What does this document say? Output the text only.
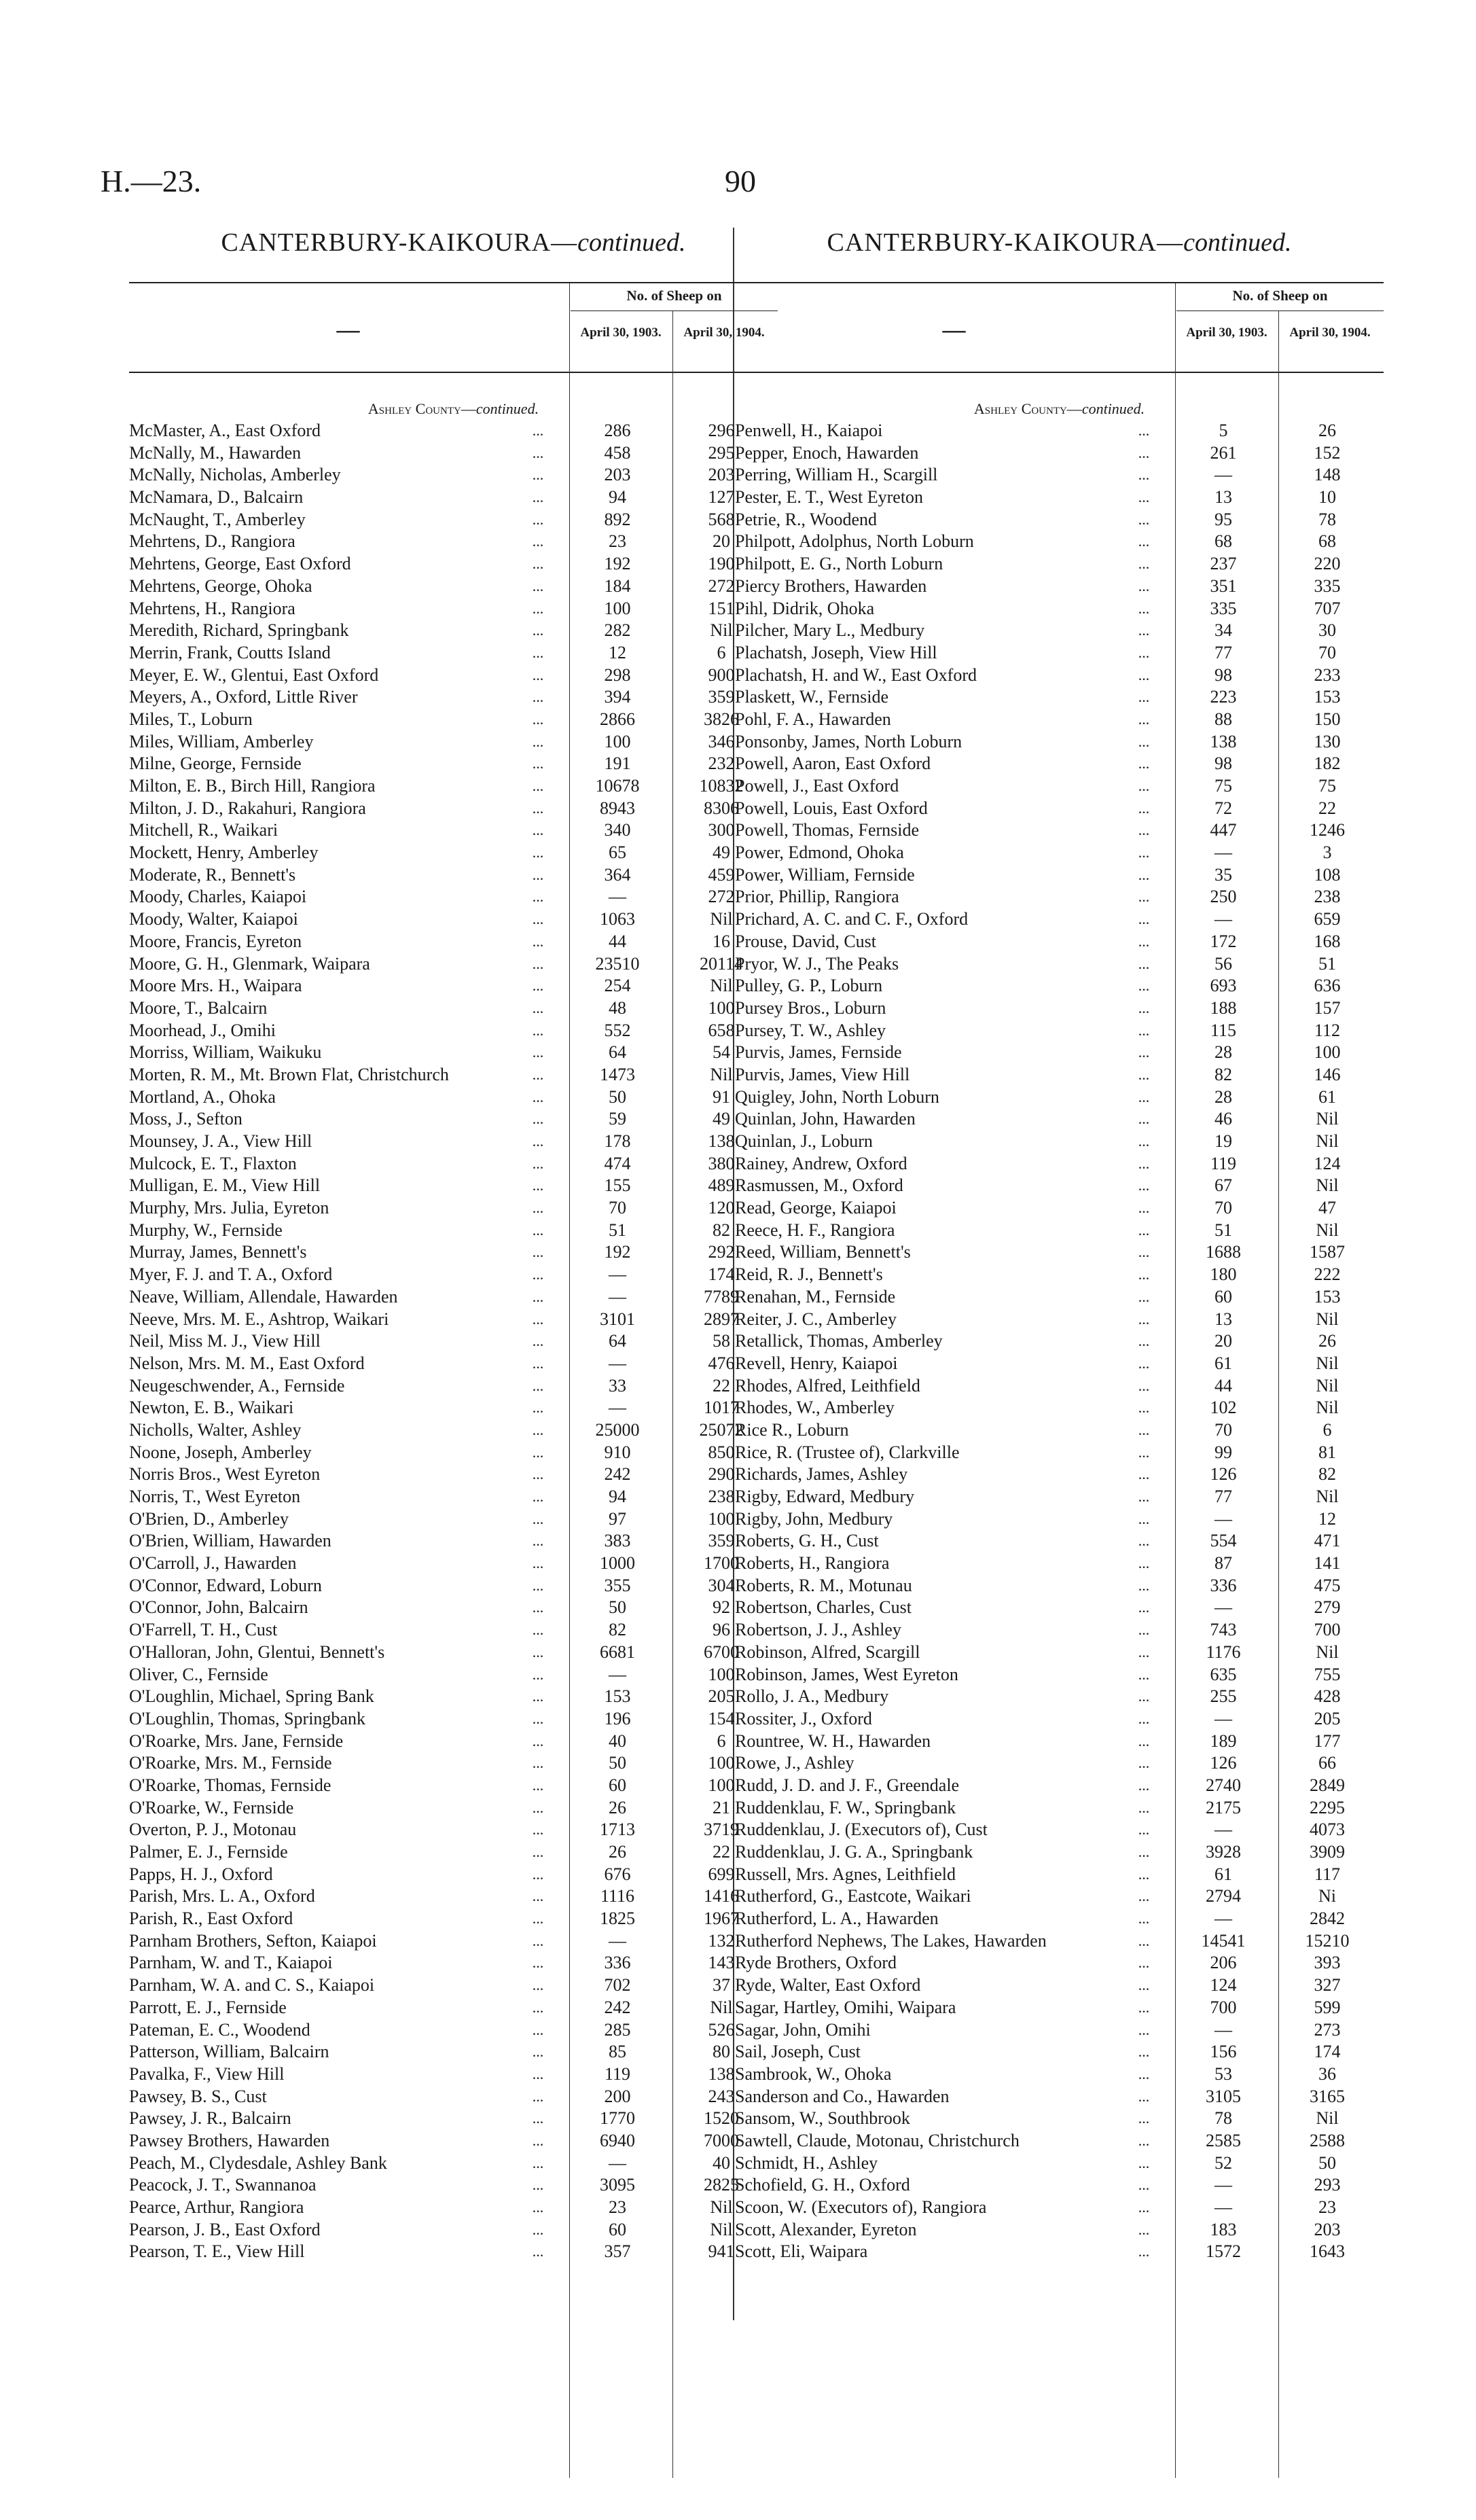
H.—23.	90
CANTERBURY-KAIKOURA—continued.
—
No. of Sheep on
April 30, 1903.	April 30, 1904.
Ashley County—continued.
McMaster, A., East Oxford	...	286	296
McNally, M., Hawarden	...	458	295
McNally, Nicholas, Amberley	...	203	203
McNamara, D., Balcairn	...	94	127
McNaught, T., Amberley	...	892	568
Mehrtens, D., Rangiora	...	23	20
Mehrtens, George, East Oxford	...	192	190
Mehrtens, George, Ohoka	...	184	272
Mehrtens, H., Rangiora	...	100	151
Meredith, Richard, Springbank	...	282	Nil
Merrin, Frank, Coutts Island	...	12	6
Meyer, E. W., Glentui, East Oxford	...	298	900
Meyers, A., Oxford, Little River	...	394	359
Miles, T., Loburn	...	2866	3826
Miles, William, Amberley	...	100	346
Milne, George, Fernside	...	191	232
Milton, E. B., Birch Hill, Rangiora	...	10678	10832
Milton, J. D., Rakahuri, Rangiora	...	8943	8306
Mitchell, R., Waikari	...	340	300
Mockett, Henry, Amberley	...	65	49
Moderate, R., Bennett's	...	364	459
Moody, Charles, Kaiapoi	...	—	272
Moody, Walter, Kaiapoi	...	1063	Nil
Moore, Francis, Eyreton	...	44	16
Moore, G. H., Glenmark, Waipara	...	23510	20114
Moore Mrs. H., Waipara	...	254	Nil
Moore, T., Balcairn	...	48	100
Moorhead, J., Omihi	...	552	658
Morriss, William, Waikuku	...	64	54
Morten, R. M., Mt. Brown Flat, Christchurch	...	1473	Nil
Mortland, A., Ohoka	...	50	91
Moss, J., Sefton	...	59	49
Mounsey, J. A., View Hill	...	178	138
Mulcock, E. T., Flaxton	...	474	380
Mulligan, E. M., View Hill	...	155	489
Murphy, Mrs. Julia, Eyreton	...	70	120
Murphy, W., Fernside	...	51	82
Murray, James, Bennett's	...	192	292
Myer, F. J. and T. A., Oxford	...	—	174
Neave, William, Allendale, Hawarden	...	—	7789
Neeve, Mrs. M. E., Ashtrop, Waikari	...	3101	2897
Neil, Miss M. J., View Hill	...	64	58
Nelson, Mrs. M. M., East Oxford	...	—	476
Neugeschwender, A., Fernside	...	33	22
Newton, E. B., Waikari	...	—	1017
Nicholls, Walter, Ashley	...	25000	25072
Noone, Joseph, Amberley	...	910	850
Norris Bros., West Eyreton	...	242	290
Norris, T., West Eyreton	...	94	238
O'Brien, D., Amberley	...	97	100
O'Brien, William, Hawarden	...	383	359
O'Carroll, J., Hawarden	...	1000	1700
O'Connor, Edward, Loburn	...	355	304
O'Connor, John, Balcairn	...	50	92
O'Farrell, T. H., Cust	...	82	96
O'Halloran, John, Glentui, Bennett's	...	6681	6700
Oliver, C., Fernside	...	—	100
O'Loughlin, Michael, Spring Bank	...	153	205
O'Loughlin, Thomas, Springbank	...	196	154
O'Roarke, Mrs. Jane, Fernside	...	40	6
O'Roarke, Mrs. M., Fernside	...	50	100
O'Roarke, Thomas, Fernside	...	60	100
O'Roarke, W., Fernside	...	26	21
Overton, P. J., Motonau	...	1713	3719
Palmer, E. J., Fernside	...	26	22
Papps, H. J., Oxford	...	676	699
Parish, Mrs. L. A., Oxford	...	1116	1416
Parish, R., East Oxford	...	1825	1967
Parnham Brothers, Sefton, Kaiapoi	...	—	132
Parnham, W. and T., Kaiapoi	...	336	143
Parnham, W. A. and C. S., Kaiapoi	...	702	37
Parrott, E. J., Fernside	...	242	Nil
Pateman, E. C., Woodend	...	285	526
Patterson, William, Balcairn	...	85	80
Pavalka, F., View Hill	...	119	138
Pawsey, B. S., Cust	...	200	243
Pawsey, J. R., Balcairn	...	1770	1520
Pawsey Brothers, Hawarden	...	6940	7000
Peach, M., Clydesdale, Ashley Bank	...	—	40
Peacock, J. T., Swannanoa	...	3095	2825
Pearce, Arthur, Rangiora	...	23	Nil
Pearson, J. B., East Oxford	...	60	Nil
Pearson, T. E., View Hill	...	357	941
CANTERBURY-KAIKOURA—continued.
—
No. of Sheep on
April 30, 1903.	April 30, 1904.
Ashley County—continued.
Penwell, H., Kaiapoi	...	5	26
Pepper, Enoch, Hawarden	...	261	152
Perring, William H., Scargill	...	—	148
Pester, E. T., West Eyreton	...	13	10
Petrie, R., Woodend	...	95	78
Philpott, Adolphus, North Loburn	...	68	68
Philpott, E. G., North Loburn	...	237	220
Piercy Brothers, Hawarden	...	351	335
Pihl, Didrik, Ohoka	...	335	707
Pilcher, Mary L., Medbury	...	34	30
Plachatsh, Joseph, View Hill	...	77	70
Plachatsh, H. and W., East Oxford	...	98	233
Plaskett, W., Fernside	...	223	153
Pohl, F. A., Hawarden	...	88	150
Ponsonby, James, North Loburn	...	138	130
Powell, Aaron, East Oxford	...	98	182
Powell, J., East Oxford	...	75	75
Powell, Louis, East Oxford	...	72	22
Powell, Thomas, Fernside	...	447	1246
Power, Edmond, Ohoka	...	—	3
Power, William, Fernside	...	35	108
Prior, Phillip, Rangiora	...	250	238
Prichard, A. C. and C. F., Oxford	...	—	659
Prouse, David, Cust	...	172	168
Pryor, W. J., The Peaks	...	56	51
Pulley, G. P., Loburn	...	693	636
Pursey Bros., Loburn	...	188	157
Pursey, T. W., Ashley	...	115	112
Purvis, James, Fernside	...	28	100
Purvis, James, View Hill	...	82	146
Quigley, John, North Loburn	...	28	61
Quinlan, John, Hawarden	...	46	Nil
Quinlan, J., Loburn	...	19	Nil
Rainey, Andrew, Oxford	...	119	124
Rasmussen, M., Oxford	...	67	Nil
Read, George, Kaiapoi	...	70	47
Reece, H. F., Rangiora	...	51	Nil
Reed, William, Bennett's	...	1688	1587
Reid, R. J., Bennett's	...	180	222
Renahan, M., Fernside	...	60	153
Reiter, J. C., Amberley	...	13	Nil
Retallick, Thomas, Amberley	...	20	26
Revell, Henry, Kaiapoi	...	61	Nil
Rhodes, Alfred, Leithfield	...	44	Nil
Rhodes, W., Amberley	...	102	Nil
Rice R., Loburn	...	70	6
Rice, R. (Trustee of), Clarkville	...	99	81
Richards, James, Ashley	...	126	82
Rigby, Edward, Medbury	...	77	Nil
Rigby, John, Medbury	...	—	12
Roberts, G. H., Cust	...	554	471
Roberts, H., Rangiora	...	87	141
Roberts, R. M., Motunau	...	336	475
Robertson, Charles, Cust	...	—	279
Robertson, J. J., Ashley	...	743	700
Robinson, Alfred, Scargill	...	1176	Nil
Robinson, James, West Eyreton	...	635	755
Rollo, J. A., Medbury	...	255	428
Rossiter, J., Oxford	...	—	205
Rountree, W. H., Hawarden	...	189	177
Rowe, J., Ashley	...	126	66
Rudd, J. D. and J. F., Greendale	...	2740	2849
Ruddenklau, F. W., Springbank	...	2175	2295
Ruddenklau, J. (Executors of), Cust	...	—	4073
Ruddenklau, J. G. A., Springbank	...	3928	3909
Russell, Mrs. Agnes, Leithfield	...	61	117
Rutherford, G., Eastcote, Waikari	...	2794	Ni
Rutherford, L. A., Hawarden	...	—	2842
Rutherford Nephews, The Lakes, Hawarden	...	14541	15210
Ryde Brothers, Oxford	...	206	393
Ryde, Walter, East Oxford	...	124	327
Sagar, Hartley, Omihi, Waipara	...	700	599
Sagar, John, Omihi	...	—	273
Sail, Joseph, Cust	...	156	174
Sambrook, W., Ohoka	...	53	36
Sanderson and Co., Hawarden	...	3105	3165
Sansom, W., Southbrook	...	78	Nil
Sawtell, Claude, Motonau, Christchurch	...	2585	2588
Schmidt, H., Ashley	...	52	50
Schofield, G. H., Oxford	...	—	293
Scoon, W. (Executors of), Rangiora	...	—	23
Scott, Alexander, Eyreton	...	183	203
Scott, Eli, Waipara	...	1572	1643
